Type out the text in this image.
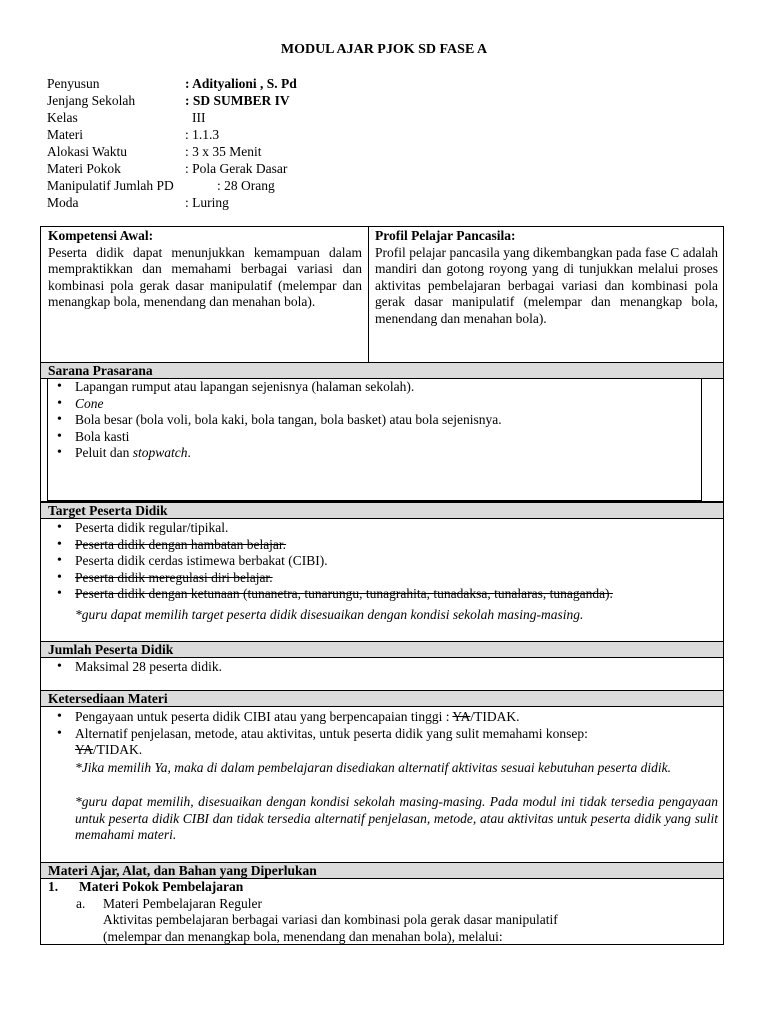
MODUL AJAR PJOK SD FASE A
Penyusun	: Adityalioni , S. Pd
Jenjang Sekolah	: SD SUMBER IV
Kelas	III
Materi	: 1.1.3
Alokasi Waktu	: 3 x 35 Menit
Materi Pokok	: Pola Gerak Dasar
Manipulatif Jumlah PD	: 28 Orang
Moda	: Luring
Kompetensi Awal:
Peserta didik dapat menunjukkan kemampuan dalam mempraktikkan dan memahami berbagai variasi dan kombinasi pola gerak dasar manipulatif (melempar dan menangkap bola, menendang dan menahan bola).
Profil Pelajar Pancasila:
Profil pelajar pancasila yang dikembangkan pada fase C adalah mandiri dan gotong royong yang di tunjukkan melalui proses aktivitas pembelajaran berbagai variasi dan kombinasi pola gerak dasar manipulatif (melempar dan menangkap bola, menendang dan menahan bola).
Sarana Prasarana
• Lapangan rumput atau lapangan sejenisnya (halaman sekolah).
• Cone
• Bola besar (bola voli, bola kaki, bola tangan, bola basket) atau bola sejenisnya.
• Bola kasti
• Peluit dan stopwatch.
Target Peserta Didik
• Peserta didik regular/tipikal.
• Peserta didik dengan hambatan belajar.
• Peserta didik cerdas istimewa berbakat (CIBI).
• Peserta didik meregulasi diri belajar.
• Peserta didik dengan ketunaan (tunanetra, tunarungu, tunagrahita, tunadaksa, tunalaras, tunaganda).
*guru dapat memilih target peserta didik disesuaikan dengan kondisi sekolah masing-masing.
Jumlah Peserta Didik
• Maksimal 28 peserta didik.
Ketersediaan Materi
• Pengayaan untuk peserta didik CIBI atau yang berpencapaian tinggi : YA/TIDAK.
• Alternatif penjelasan, metode, atau aktivitas, untuk peserta didik yang sulit memahami konsep:
YA/TIDAK.
*Jika memilih Ya, maka di dalam pembelajaran disediakan alternatif aktivitas sesuai kebutuhan peserta didik.
*guru dapat memilih, disesuaikan dengan kondisi sekolah masing-masing. Pada modul ini tidak tersedia pengayaan untuk peserta didik CIBI dan tidak tersedia alternatif penjelasan, metode, atau aktivitas untuk peserta didik yang sulit memahami materi.
Materi Ajar, Alat, dan Bahan yang Diperlukan
1. Materi Pokok Pembelajaran
a. Materi Pembelajaran Reguler
Aktivitas pembelajaran berbagai variasi dan kombinasi pola gerak dasar manipulatif
(melempar dan menangkap bola, menendang dan menahan bola), melalui:
